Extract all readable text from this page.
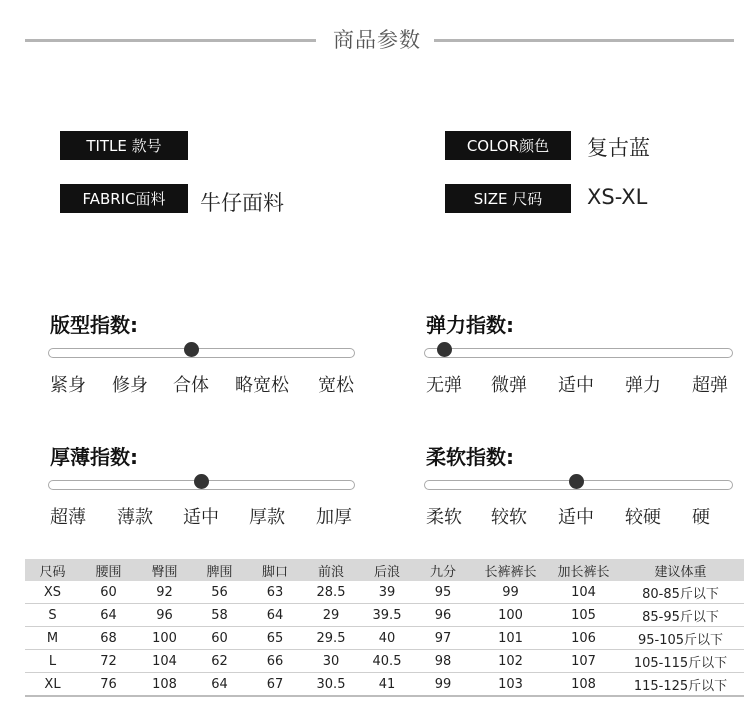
商品参数
TITLE 款号	COLOR颜色	复古蓝
FABRIC面料	牛仔面料	SIZE 尺码	XS-XL
版型指数:
紧身 修身 合体 略宽松 宽松
弹力指数:
无弹 微弹 适中 弹力 超弹
厚薄指数:
超薄 薄款 适中 厚款 加厚
柔软指数:
柔软 较软 适中 较硬 硬
尺码	腰围	臀围	脾围	脚口	前浪	后浪	九分	长裤裤长	加长裤长	建议体重
XS	60	92	56	63	28.5	39	95	99	104	80-85斤以下
S	64	96	58	64	29	39.5	96	100	105	85-95斤以下
M	68	100	60	65	29.5	40	97	101	106	95-105斤以下
L	72	104	62	66	30	40.5	98	102	107	105-115斤以下
XL	76	108	64	67	30.5	41	99	103	108	115-125斤以下
